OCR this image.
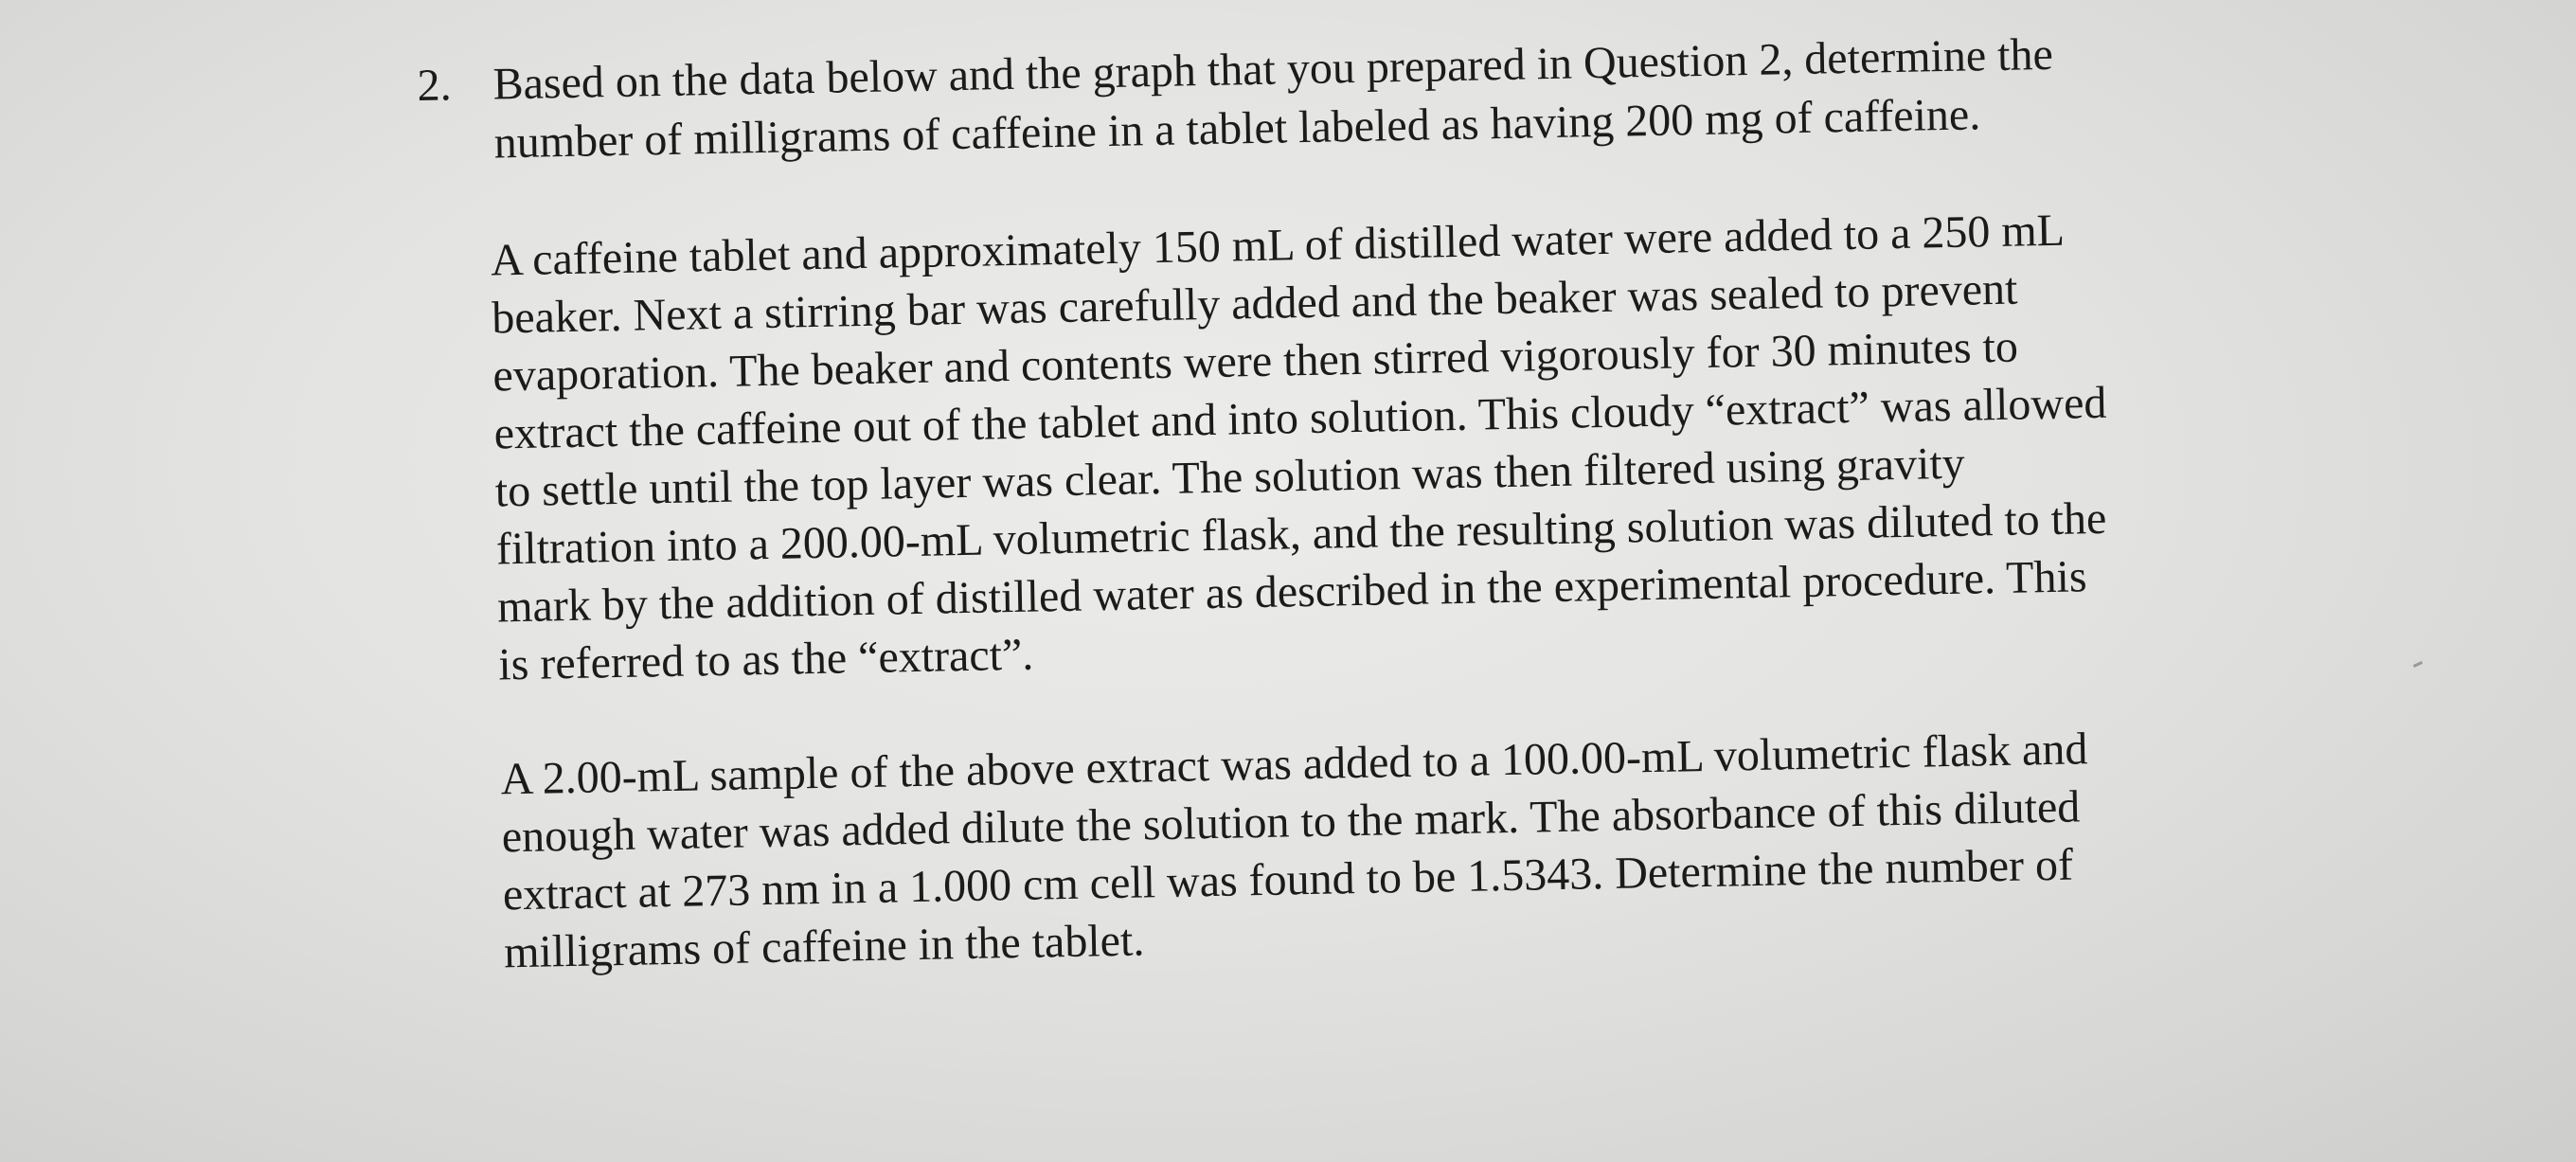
2. Based on the data below and the graph that you prepared in Question 2, determine the
number of milligrams of caffeine in a tablet labeled as having 200 mg of caffeine.
A caffeine tablet and approximately 150 mL of distilled water were added to a 250 mL
beaker. Next a stirring bar was carefully added and the beaker was sealed to prevent
evaporation. The beaker and contents were then stirred vigorously for 30 minutes to
extract the caffeine out of the tablet and into solution. This cloudy “extract” was allowed
to settle until the top layer was clear. The solution was then filtered using gravity
filtration into a 200.00-mL volumetric flask, and the resulting solution was diluted to the
mark by the addition of distilled water as described in the experimental procedure. This
is referred to as the “extract”.
A 2.00-mL sample of the above extract was added to a 100.00-mL volumetric flask and
enough water was added dilute the solution to the mark. The absorbance of this diluted
extract at 273 nm in a 1.000 cm cell was found to be 1.5343. Determine the number of
milligrams of caffeine in the tablet.
